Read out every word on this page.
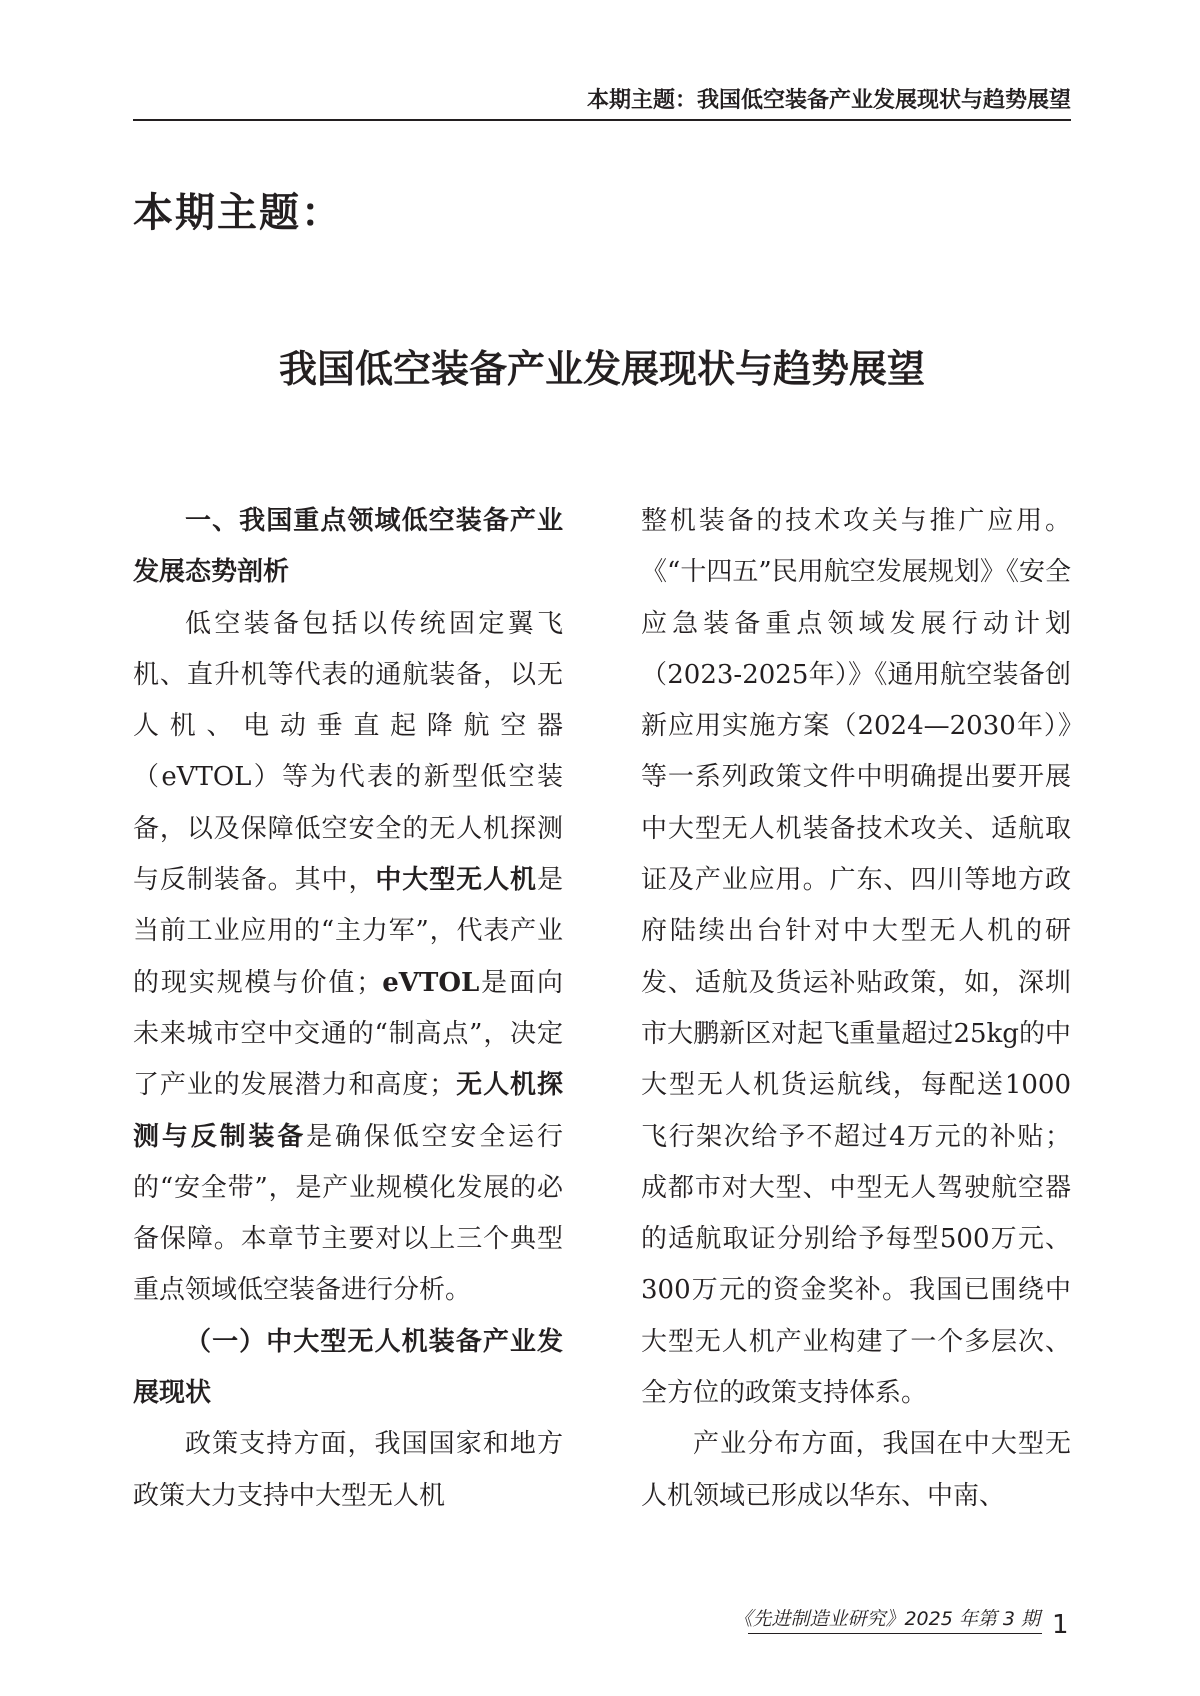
本期主题：我国低空装备产业发展现状与趋势展望
本期主题：
我国低空装备产业发展现状与趋势展望

一、我国重点领域低空装备产业发展态势剖析

低空装备包括以传统固定翼飞机、直升机等代表的通航装备，以无人机、电动垂直起降航空器（eVTOL）等为代表的新型低空装备，以及保障低空安全的无人机探测与反制装备。其中，中大型无人机是当前工业应用的“主力军”，代表产业的现实规模与价值；eVTOL是面向未来城市空中交通的“制高点”，决定了产业的发展潜力和高度；无人机探测与反制装备是确保低空安全运行的“安全带”，是产业规模化发展的必备保障。本章节主要对以上三个典型重点领域低空装备进行分析。

（一）中大型无人机装备产业发展现状

政策支持方面，我国国家和地方政策大力支持中大型无人机

整机装备的技术攻关与推广应用。《“十四五”民用航空发展规划》《安全应急装备重点领域发展行动计划（2023-2025年）》《通用航空装备创新应用实施方案（2024—2030年）》等一系列政策文件中明确提出要开展中大型无人机装备技术攻关、适航取证及产业应用。广东、四川等地方政府陆续出台针对中大型无人机的研发、适航及货运补贴政策，如，深圳市大鹏新区对起飞重量超过25kg的中大型无人机货运航线，每配送1000飞行架次给予不超过4万元的补贴；成都市对大型、中型无人驾驶航空器的适航取证分别给予每型500万元、300万元的资金奖补。我国已围绕中大型无人机产业构建了一个多层次、全方位的政策支持体系。

产业分布方面，我国在中大型无人机领域已形成以华东、中南、

《先进制造业研究》2025 年第 3 期 1
